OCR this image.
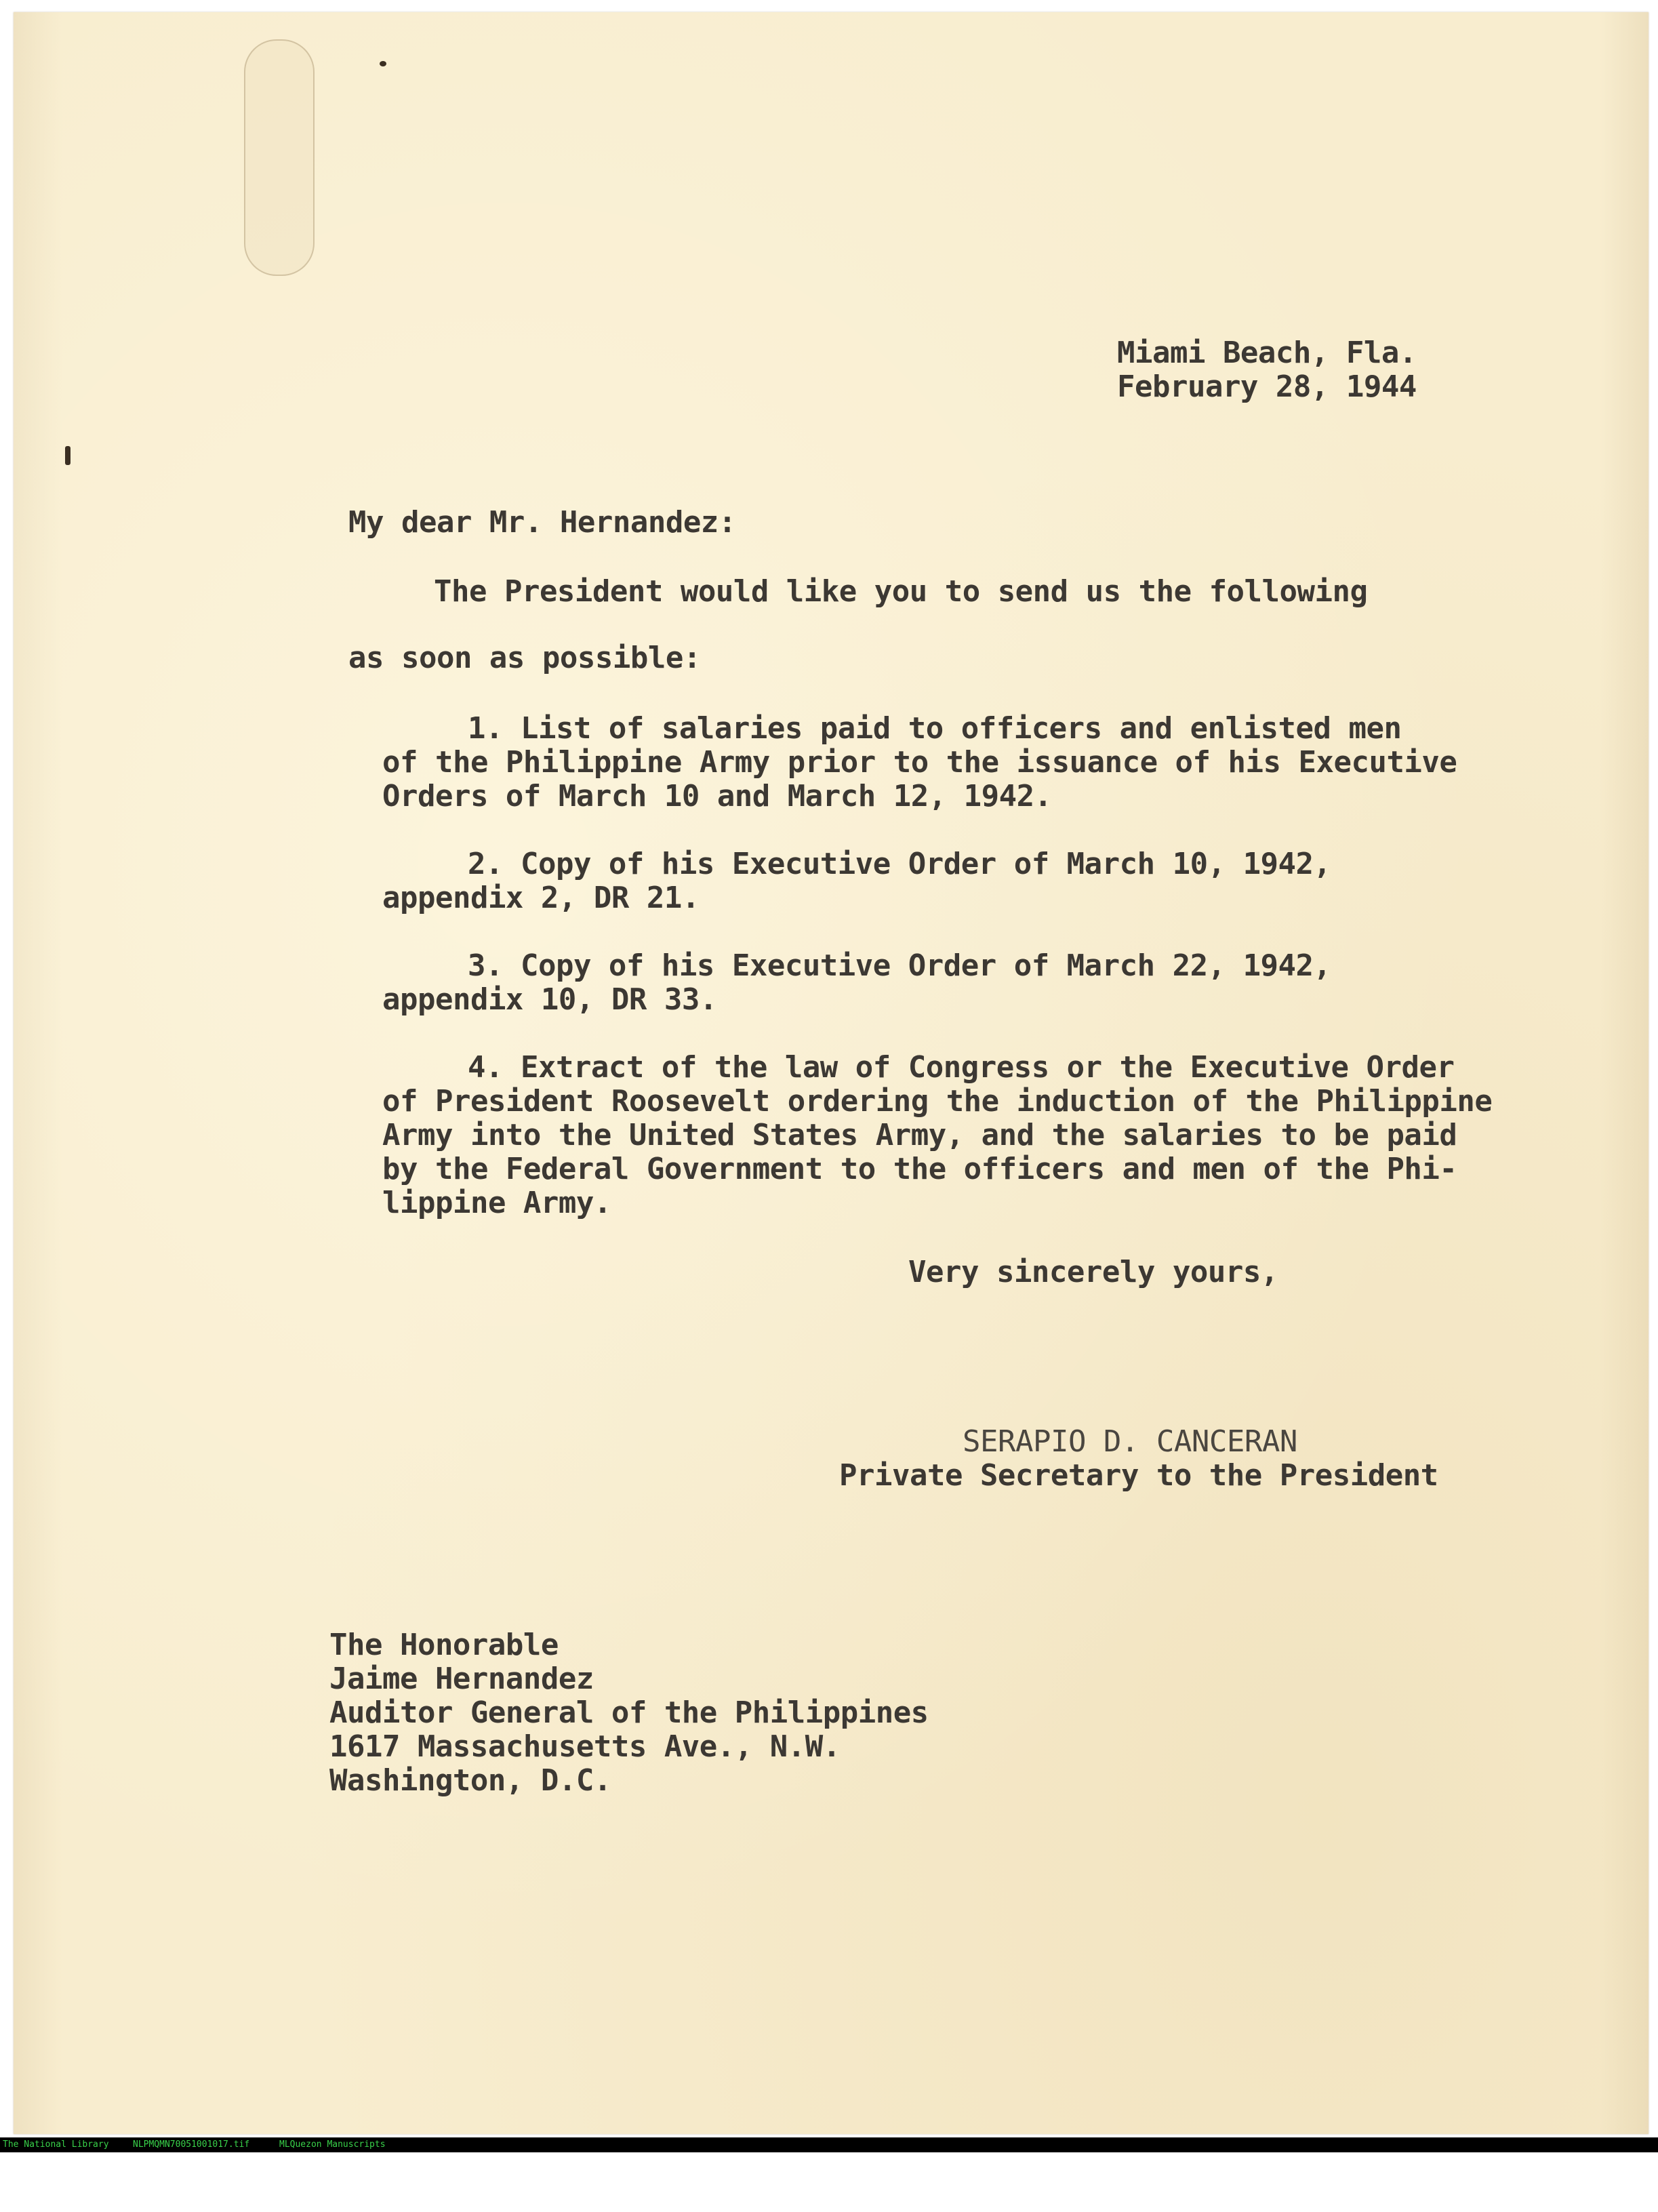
Miami Beach, Fla.
February 28, 1944
My dear Mr. Hernandez:
The President would like you to send us the following
as soon as possible:
1. List of salaries paid to officers and enlisted men
of the Philippine Army prior to the issuance of his Executive
Orders of March 10 and March 12, 1942.
2. Copy of his Executive Order of March 10, 1942,
appendix 2, DR 21.
3. Copy of his Executive Order of March 22, 1942,
appendix 10, DR 33.
4. Extract of the law of Congress or the Executive Order
of President Roosevelt ordering the induction of the Philippine
Army into the United States Army, and the salaries to be paid
by the Federal Government to the officers and men of the Phi-
lippine Army.
Very sincerely yours,
SERAPIO D. CANCERAN
Private Secretary to the President
The Honorable
Jaime Hernandez
Auditor General of the Philippines
1617 Massachusetts Ave., N.W.
Washington, D.C.

The National Library

	NLPMQMN70051001017.tif

	MLQuezon Manuscripts
